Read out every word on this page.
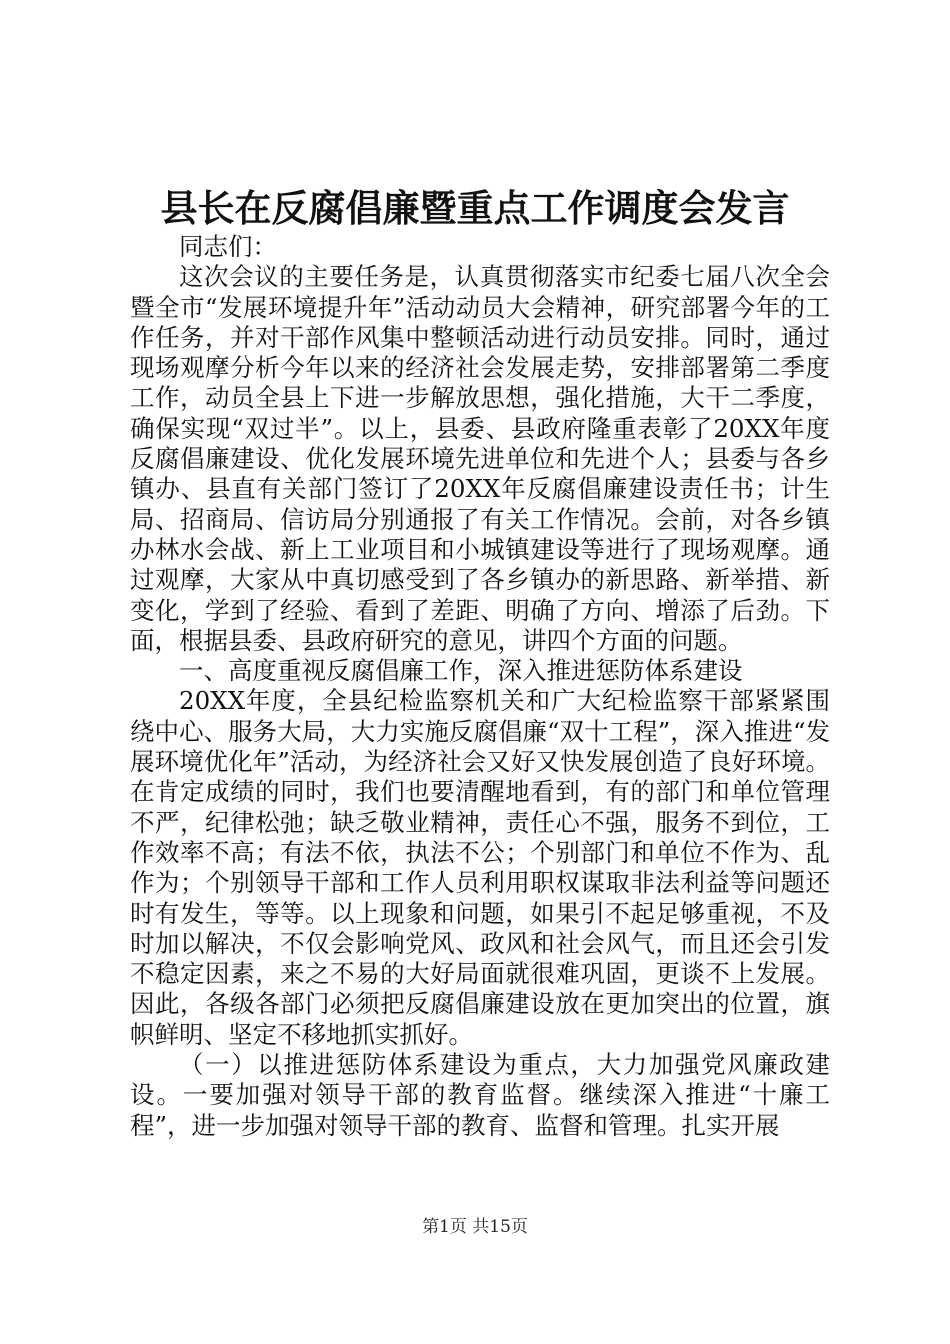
县长在反腐倡廉暨重点工作调度会发言

同志们：

这次会议的主要任务是，认真贯彻落实市纪委七届八次全会暨全市“发展环境提升年”活动动员大会精神，研究部署今年的工作任务，并对干部作风集中整顿活动进行动员安排。同时，通过现场观摩分析今年以来的经济社会发展走势，安排部署第二季度工作，动员全县上下进一步解放思想，强化措施，大干二季度，确保实现“双过半”。以上，县委、县政府隆重表彰了20XX年度反腐倡廉建设、优化发展环境先进单位和先进个人；县委与各乡镇办、县直有关部门签订了20XX年反腐倡廉建设责任书；计生局、招商局、信访局分别通报了有关工作情况。会前，对各乡镇办林水会战、新上工业项目和小城镇建设等进行了现场观摩。通过观摩，大家从中真切感受到了各乡镇办的新思路、新举措、新变化，学到了经验、看到了差距、明确了方向、增添了后劲。下面，根据县委、县政府研究的意见，讲四个方面的问题。

一、高度重视反腐倡廉工作，深入推进惩防体系建设

20XX年度，全县纪检监察机关和广大纪检监察干部紧紧围绕中心、服务大局，大力实施反腐倡廉“双十工程”，深入推进“发展环境优化年”活动，为经济社会又好又快发展创造了良好环境。在肯定成绩的同时，我们也要清醒地看到，有的部门和单位管理不严，纪律松弛；缺乏敬业精神，责任心不强，服务不到位，工作效率不高；有法不依，执法不公；个别部门和单位不作为、乱作为；个别领导干部和工作人员利用职权谋取非法利益等问题还时有发生，等等。以上现象和问题，如果引不起足够重视，不及时加以解决，不仅会影响党风、政风和社会风气，而且还会引发不稳定因素，来之不易的大好局面就很难巩固，更谈不上发展。因此，各级各部门必须把反腐倡廉建设放在更加突出的位置，旗帜鲜明、坚定不移地抓实抓好。

（一）以推进惩防体系建设为重点，大力加强党风廉政建设。一要加强对领导干部的教育监督。继续深入推进“十廉工程”，进一步加强对领导干部的教育、监督和管理。扎实开展

第1页 共15页
